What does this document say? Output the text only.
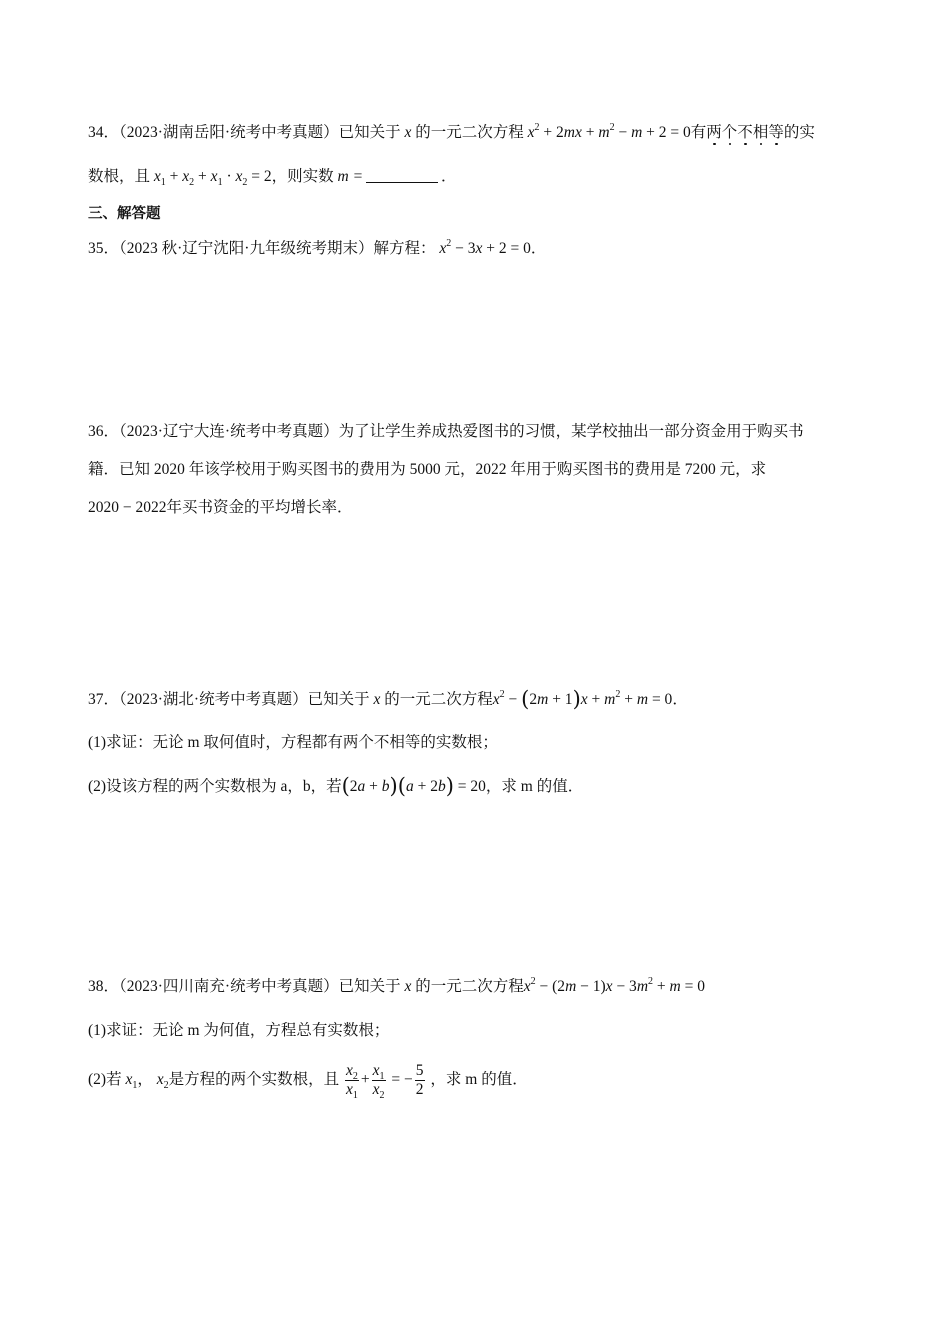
34．（2023·湖南岳阳·统考中考真题）已知关于 x 的一元二次方程 $x^2 + 2mx + m^2 - m + 2 = 0$有两个不相等的实
数根，且 $x_1 + x_2 + x_1 \cdot x_2 = 2$，则实数 m =	．
三、解答题
35．（2023 秋·辽宁沈阳·九年级统考期末）解方程： $x^2 - 3x + 2 = 0$．
36．（2023·辽宁大连·统考中考真题）为了让学生养成热爱图书的习惯，某学校抽出一部分资金用于购买书
籍．已知 2020 年该学校用于购买图书的费用为 5000 元，2022 年用于购买图书的费用是 7200 元，求
2020 − 2022年买书资金的平均增长率．
37．（2023·湖北·统考中考真题）已知关于 x 的一元二次方程$x^2 - (2m + 1)x + m^2 + m = 0$．
(1)求证：无论 m 取何值时，方程都有两个不相等的实数根；
(2)设该方程的两个实数根为 a，b，若(2a + b)(a + 2b) = 20，求 m 的值．
38．（2023·四川南充·统考中考真题）已知关于 x 的一元二次方程$x^2 - (2m - 1)x - 3m^2 + m = 0$
(1)求证：无论 m 为何值，方程总有实数根；
(2)若 $x_1$， $x_2$是方程的两个实数根，且 $\frac{x_2}{x_1} + \frac{x_1}{x_2}$ = − $\frac{5}{2}$ ，求 m 的值．
